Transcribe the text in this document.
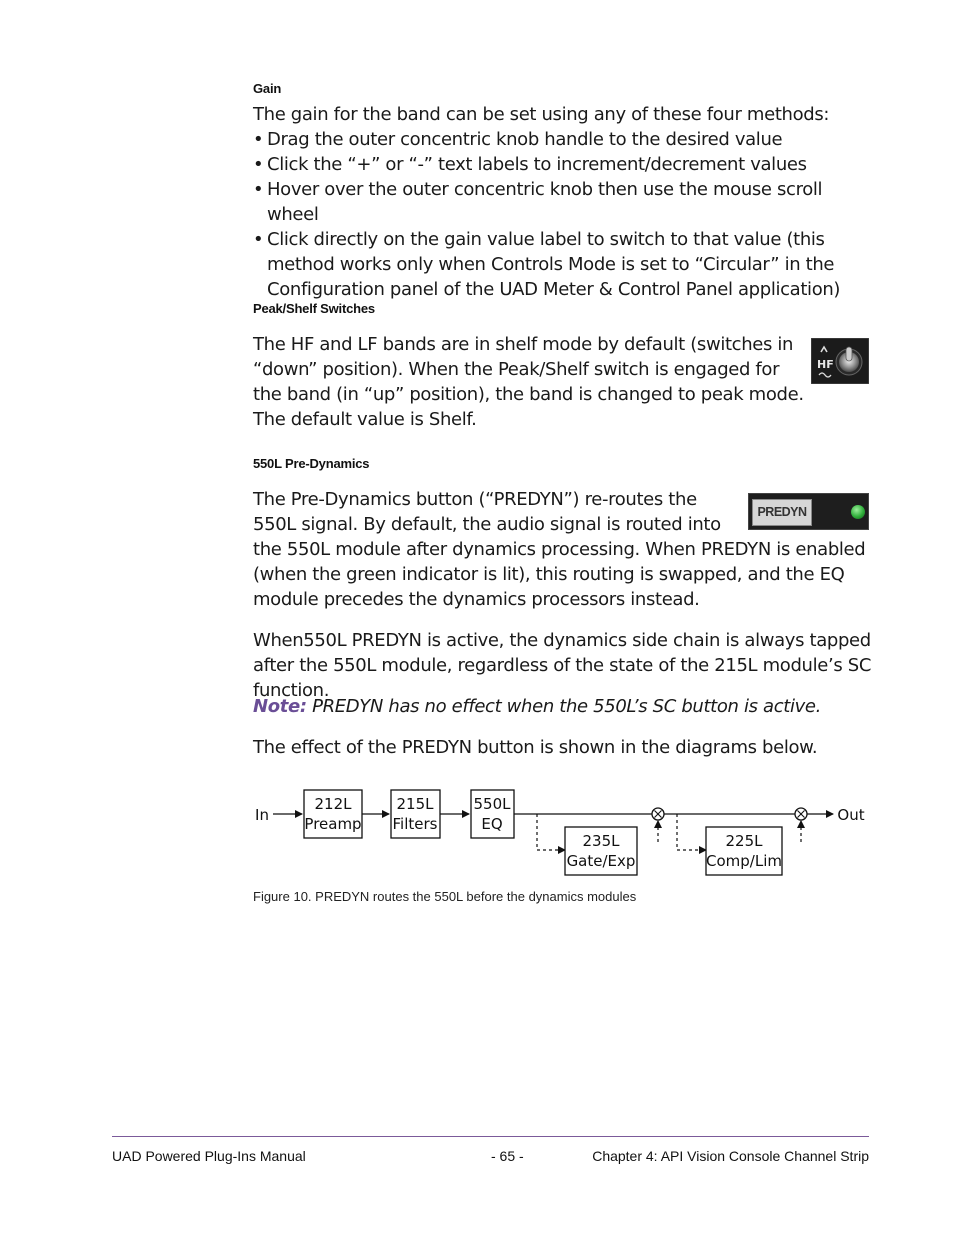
Gain
The gain for the band can be set using any of these four methods:
• Drag the outer concentric knob handle to the desired value
• Click the “+” or “-” text labels to increment/decrement values
• Hover over the outer concentric knob then use the mouse scroll wheel
• Click directly on the gain value label to switch to that value (this method works only when Controls Mode is set to “Circular” in the Configuration panel of the UAD Meter & Control Panel application)
Peak/Shelf Switches
The HF and LF bands are in shelf mode by default (switches in “down” position). When the Peak/Shelf switch is engaged for the band (in “up” position), the band is changed to peak mode. The default value is Shelf.
HF
550L Pre-Dynamics
The Pre-Dynamics button (“PREDYN”) re-routes the 550L signal. By default, the audio signal is routed into the 550L module after dynamics processing. When PREDYN is enabled (when the green indicator is lit), this routing is swapped, and the EQ module precedes the dynamics processors instead.
PREDYN
When550L PREDYN is active, the dynamics side chain is always tapped after the 550L module, regardless of the state of the 215L module’s SC function.
Note: PREDYN has no effect when the 550L’s SC button is active.
The effect of the PREDYN button is shown in the diagrams below.
In
212L
Preamp
215L
Filters
550L
EQ
235L
Gate/Exp
225L
Comp/Lim
Out
Figure 10. PREDYN routes the 550L before the dynamics modules
UAD Powered Plug-Ins Manual	- 65 -	Chapter 4: API Vision Console Channel Strip
